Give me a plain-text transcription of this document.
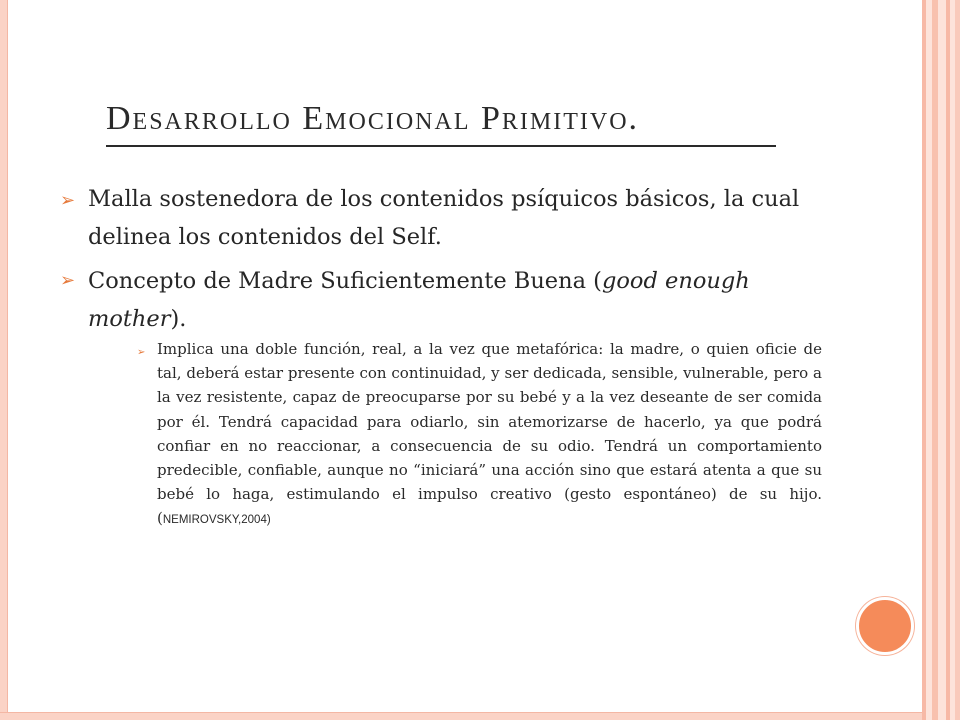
Desarrollo Emocional Primitivo.
➢ Malla sostenedora de los contenidos psíquicos básicos, la cual delinea los contenidos del Self.
➢ Concepto de Madre Suficientemente Buena (good enough mother).
➢ Implica una doble función, real, a la vez que metafórica: la madre, o quien oficie de tal, deberá estar presente con continuidad, y ser dedicada, sensible, vulnerable, pero a la vez resistente, capaz de preocuparse por su bebé y a la vez deseante de ser comida por él. Tendrá capacidad para odiarlo, sin atemorizarse de hacerlo, ya que podrá confiar en no reaccionar, a consecuencia de su odio. Tendrá un comportamiento predecible, confiable, aunque no “iniciará” una acción sino que estará atenta a que su bebé lo haga, estimulando el impulso creativo (gesto espontáneo) de su hijo. (NEMIROVSKY,2004)
